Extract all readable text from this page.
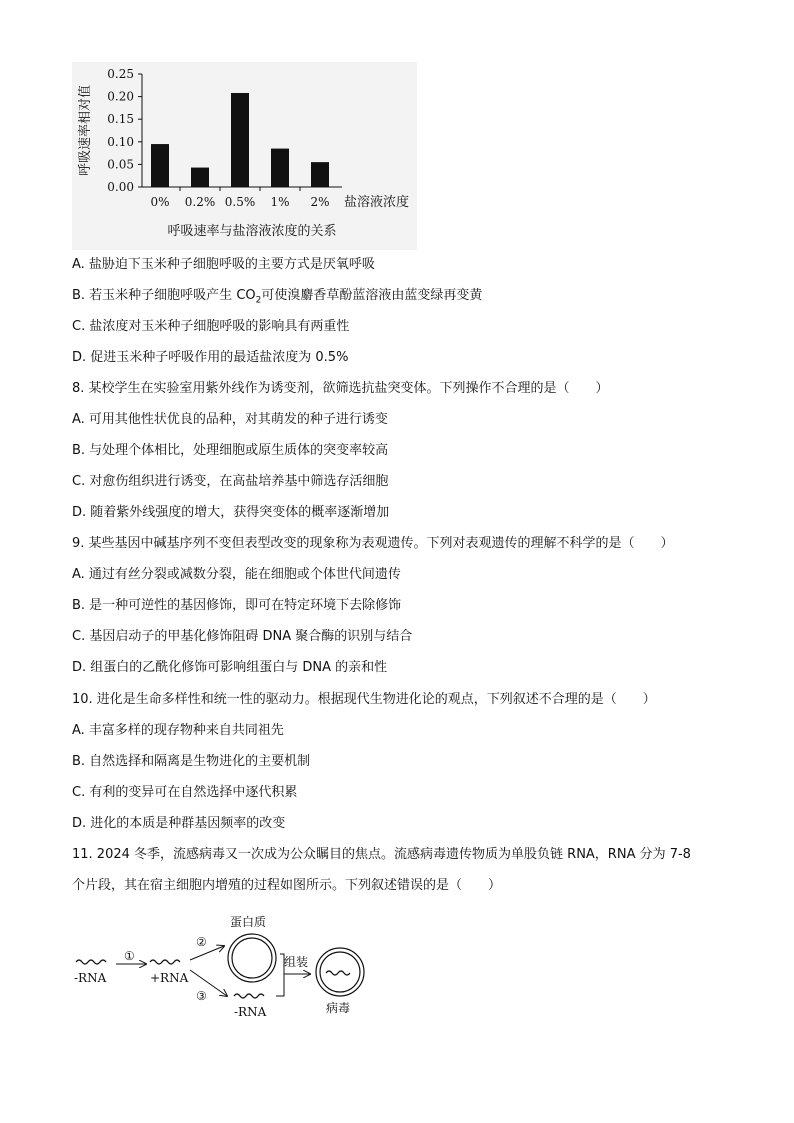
0.25
0.20
0.15
0.10
0.05
0.00
0% 0.2% 0.5% 1% 2% 盐溶液浓度
呼吸速率相对值
呼吸速率与盐溶液浓度的关系
A. 盐胁迫下玉米种子细胞呼吸的主要方式是厌氧呼吸
B. 若玉米种子细胞呼吸产生 $CO_2$可使溴麝香草酚蓝溶液由蓝变绿再变黄
C. 盐浓度对玉米种子细胞呼吸的影响具有两重性
D. 促进玉米种子呼吸作用的最适盐浓度为 0.5%
8. 某校学生在实验室用紫外线作为诱变剂，欲筛选抗盐突变体。下列操作不合理的是（　　）
A. 可用其他性状优良的品种，对其萌发的种子进行诱变
B. 与处理个体相比，处理细胞或原生质体的突变率较高
C. 对愈伤组织进行诱变，在高盐培养基中筛选存活细胞
D. 随着紫外线强度的增大，获得突变体的概率逐渐增加
9. 某些基因中碱基序列不变但表型改变的现象称为表观遗传。下列对表观遗传的理解不科学的是（　　）
A. 通过有丝分裂或减数分裂，能在细胞或个体世代间遗传
B. 是一种可逆性的基因修饰，即可在特定环境下去除修饰
C. 基因启动子的甲基化修饰阻碍 DNA 聚合酶的识别与结合
D. 组蛋白的乙酰化修饰可影响组蛋白与 DNA 的亲和性
10. 进化是生命多样性和统一性的驱动力。根据现代生物进化论的观点，下列叙述不合理的是（　　）
A. 丰富多样的现存物种来自共同祖先
B. 自然选择和隔离是生物进化的主要机制
C. 有利的变异可在自然选择中逐代积累
D. 进化的本质是种群基因频率的改变
11. 2024 冬季，流感病毒又一次成为公众瞩目的焦点。流感病毒遗传物质为单股负链 RNA，RNA 分为 7-8
个片段，其在宿主细胞内增殖的过程如图所示。下列叙述错误的是（　　）
-RNA
①
+RNA
②
③
蛋白质
-RNA
组装
病毒
